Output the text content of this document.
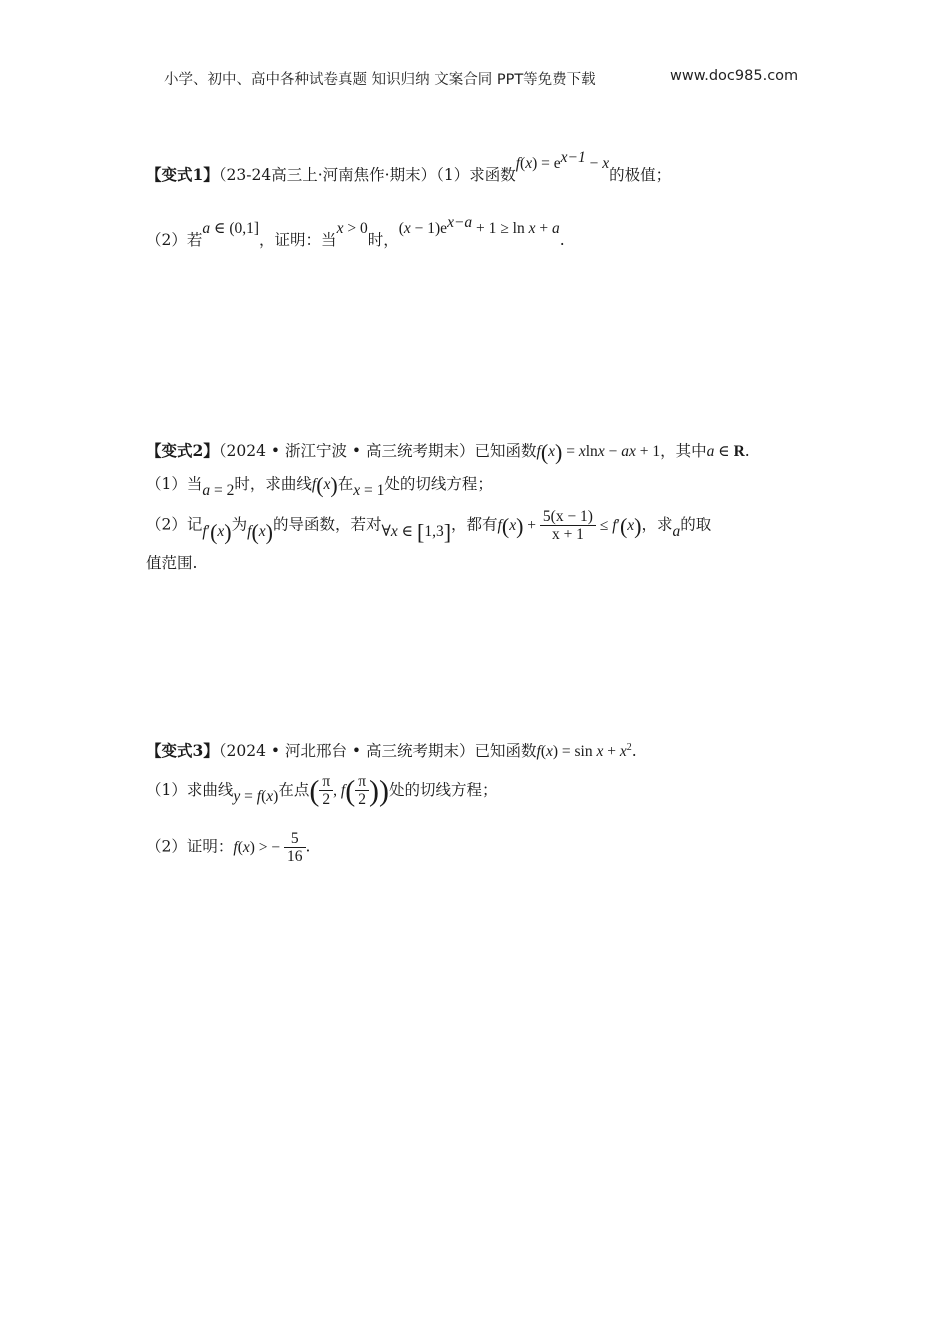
小学、初中、高中各种试卷真题 知识归纳 文案合同 PPT等免费下载	www.doc985.com
【变式1】（23-24高三上·河南焦作·期末）（1）求函数$f(x) = e^{x-1} - x$的极值；
（2）若a ∈ (0,1]，证明：当x > 0时，$(x - 1)e^{x-a} + 1 \ge \ln x + a$.
【变式2】（2024 • 浙江宁波 • 高三统考期末）已知函数f(x) = xlnx − ax + 1，其中a ∈ R.
（1）当a = 2时，求曲线f(x)在x = 1处的切线方程；
（2）记f′(x)为f(x)的导函数，若对∀x ∈ [1,3]，都有$f(x) + \frac{5(x - 1)}{x + 1} \le f'(x)$，求a的取
值范围.
【变式3】（2024 • 河北邢台 • 高三统考期末）已知函数$f(x) = \sin x + x^2$.
（1）求曲线y = f(x)在点( $\frac{\pi}{2}$ , $f( \frac{\pi}{2}$ ))处的切线方程；
（2）证明：f(x) > − $\frac{5}{16}$ .
